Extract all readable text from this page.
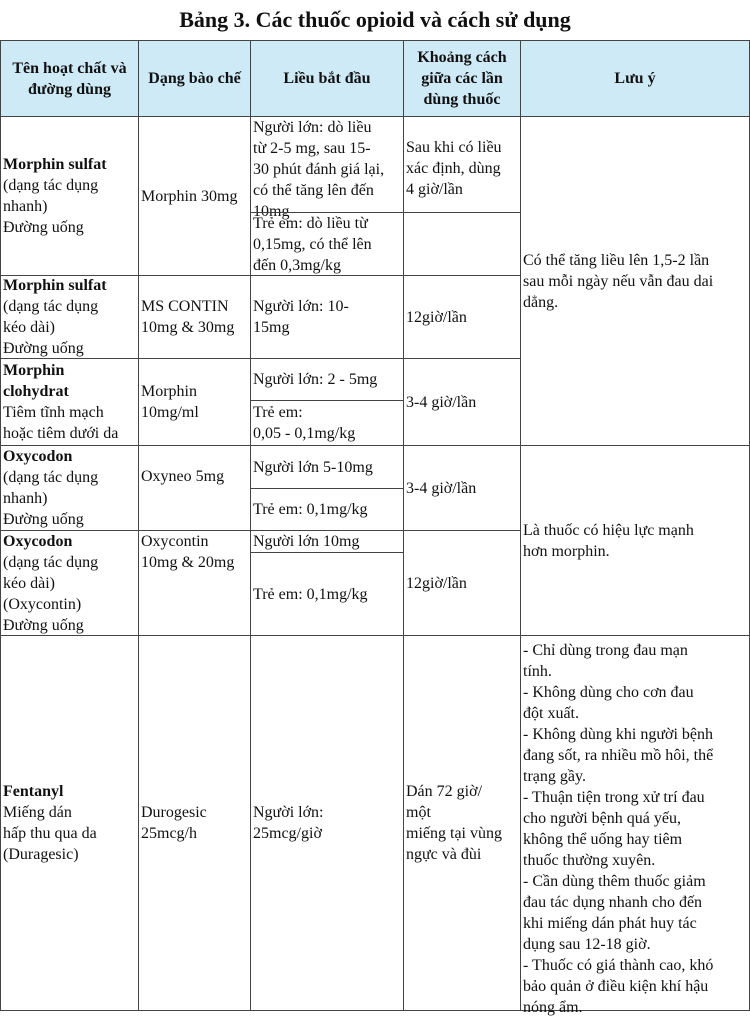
Bảng 3. Các thuốc opioid và cách sử dụng
Tên hoạt chất và
đường dùng
Dạng bào chế	Liều bắt đầu
Khoảng cách
giữa các lần
dùng thuốc
Lưu ý
Morphin sulfat
(dạng tác dụng
nhanh)
Đường uống
Morphin 30mg
Người lớn: dò liều
từ 2-5 mg, sau 15-
30 phút đánh giá lại,
có thể tăng lên đến
10mg
Trẻ em: dò liều từ
0,15mg, có thể lên
đến 0,3mg/kg
Sau khi có liều
xác định, dùng
4 giờ/lần
Morphin sulfat
(dạng tác dụng
kéo dài)
Đường uống
MS CONTIN
10mg & 30mg
Người lớn: 10-
15mg
12giờ/lần
Morphin
clohydrat
Tiêm tĩnh mạch
hoặc tiêm dưới da
Morphin
10mg/ml
Người lớn: 2 - 5mg
Trẻ em:
0,05 - 0,1mg/kg
3-4 giờ/lần
Có thể tăng liều lên 1,5-2 lần
sau mỗi ngày nếu vẫn đau dai
dẳng.
Oxycodon
(dạng tác dụng
nhanh)
Đường uống
Oxyneo 5mg
Người lớn 5-10mg
Trẻ em: 0,1mg/kg
3-4 giờ/lần
Oxycodon
(dạng tác dụng
kéo dài)
(Oxycontin)
Đường uống
Oxycontin
10mg & 20mg
Người lớn 10mg
Trẻ em: 0,1mg/kg
12giờ/lần
Là thuốc có hiệu lực mạnh
hơn morphin.
Fentanyl
Miếng dán
hấp thu qua da
(Duragesic)
Durogesic
25mcg/h
Người lớn:
25mcg/giờ
Dán 72 giờ/
một
miếng tại vùng
ngực và đùi
- Chỉ dùng trong đau mạn
tính.
- Không dùng cho cơn đau
đột xuất.
- Không dùng khi người bệnh
đang sốt, ra nhiều mồ hôi, thể
trạng gầy.
- Thuận tiện trong xử trí đau
cho người bệnh quá yếu,
không thể uống hay tiêm
thuốc thường xuyên.
- Cần dùng thêm thuốc giảm
đau tác dụng nhanh cho đến
khi miếng dán phát huy tác
dụng sau 12-18 giờ.
- Thuốc có giá thành cao, khó
bảo quản ở điều kiện khí hậu
nóng ẩm.
